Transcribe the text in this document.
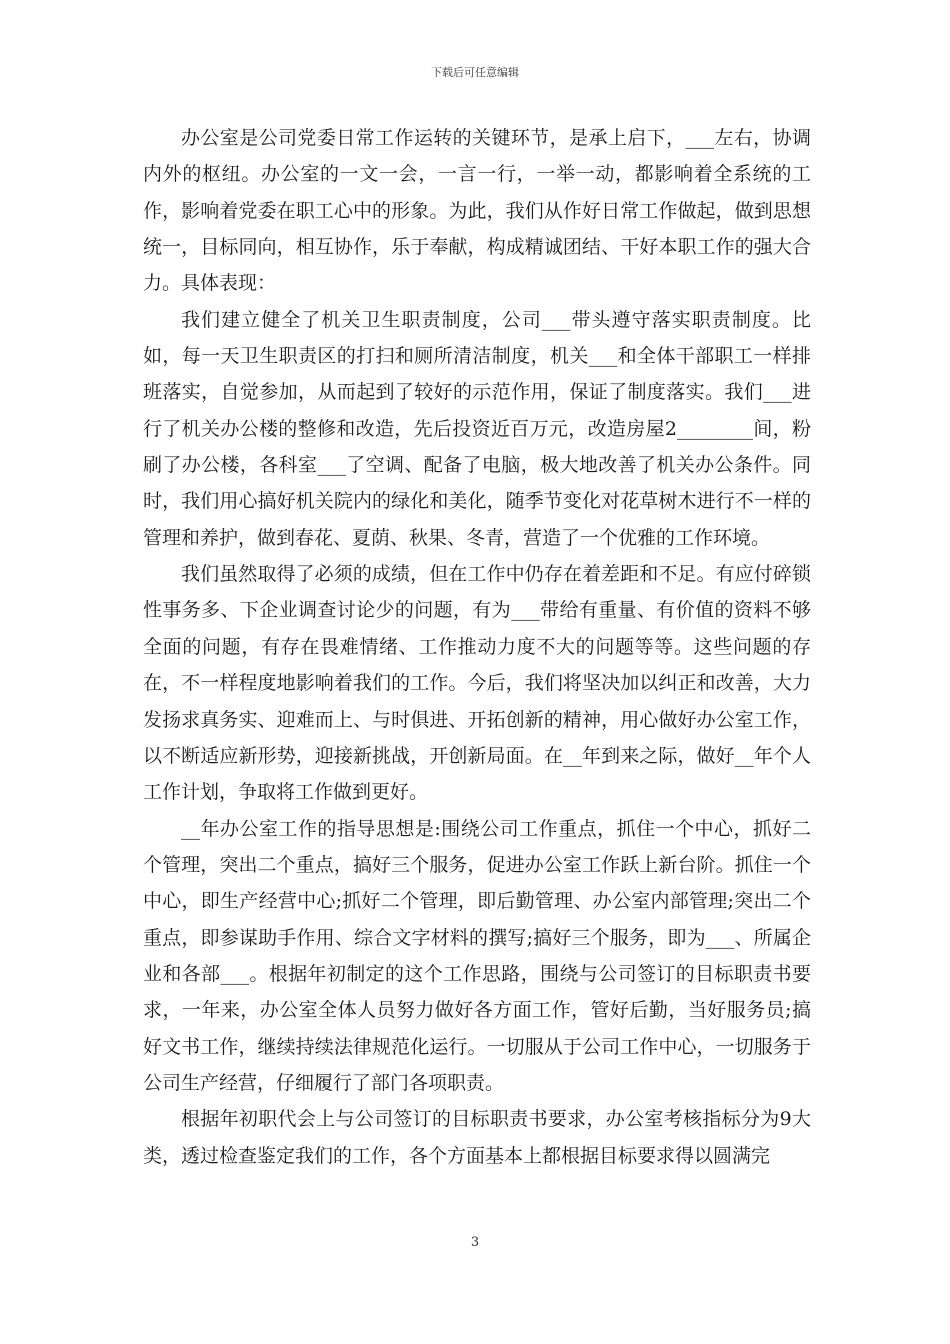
下载后可任意编辑

办公室是公司党委日常工作运转的关键环节，是承上启下，___左右，协调内外的枢纽。办公室的一文一会，一言一行，一举一动，都影响着全系统的工作，影响着党委在职工心中的形象。为此，我们从作好日常工作做起，做到思想统一，目标同向，相互协作，乐于奉献，构成精诚团结、干好本职工作的强大合力。具体表现：

我们建立健全了机关卫生职责制度，公司___带头遵守落实职责制度。比如，每一天卫生职责区的打扫和厕所清洁制度，机关___和全体干部职工一样排班落实，自觉参加，从而起到了较好的示范作用，保证了制度落实。我们___进行了机关办公楼的整修和改造，先后投资近百万元，改造房屋2________间，粉刷了办公楼，各科室___了空调、配备了电脑，极大地改善了机关办公条件。同时，我们用心搞好机关院内的绿化和美化，随季节变化对花草树木进行不一样的管理和养护，做到春花、夏荫、秋果、冬青，营造了一个优雅的工作环境。

我们虽然取得了必须的成绩，但在工作中仍存在着差距和不足。有应付碎锁性事务多、下企业调查讨论少的问题，有为___带给有重量、有价值的资料不够全面的问题，有存在畏难情绪、工作推动力度不大的问题等等。这些问题的存在，不一样程度地影响着我们的工作。今后，我们将坚决加以纠正和改善，大力发扬求真务实、迎难而上、与时俱进、开拓创新的精神，用心做好办公室工作，以不断适应新形势，迎接新挑战，开创新局面。在__年到来之际，做好__年个人工作计划，争取将工作做到更好。

__年办公室工作的指导思想是:围绕公司工作重点，抓住一个中心，抓好二个管理，突出二个重点，搞好三个服务，促进办公室工作跃上新台阶。抓住一个中心，即生产经营中心;抓好二个管理，即后勤管理、办公室内部管理;突出二个重点，即参谋助手作用、综合文字材料的撰写;搞好三个服务，即为___、所属企业和各部___。根据年初制定的这个工作思路，围绕与公司签订的目标职责书要求，一年来，办公室全体人员努力做好各方面工作，管好后勤，当好服务员;搞好文书工作，继续持续法律规范化运行。一切服从于公司工作中心，一切服务于公司生产经营，仔细履行了部门各项职责。

根据年初职代会上与公司签订的目标职责书要求，办公室考核指标分为9大类，透过检查鉴定我们的工作，各个方面基本上都根据目标要求得以圆满完

3
